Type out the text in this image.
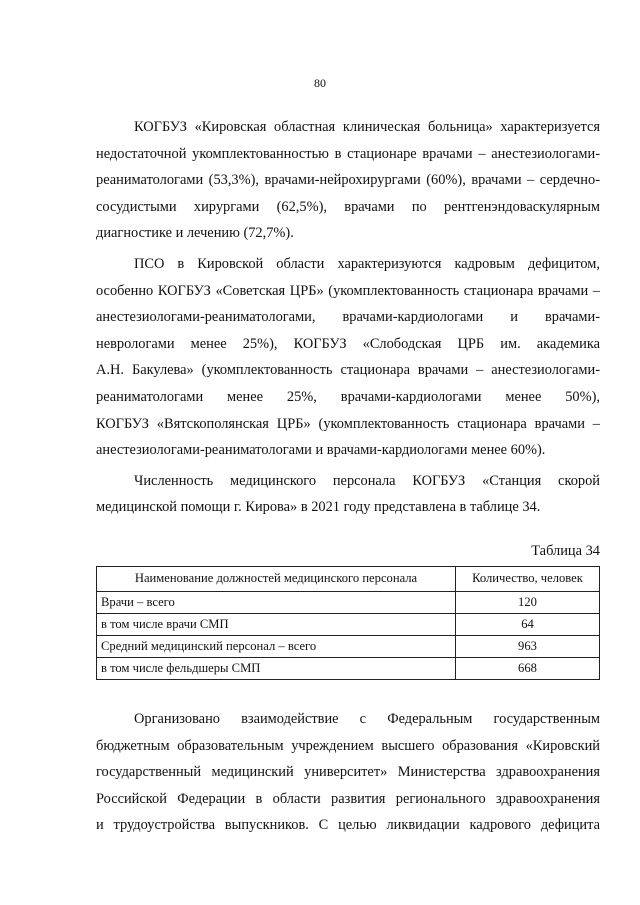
80
КОГБУЗ «Кировская областная клиническая больница» характеризуется
недостаточной укомплектованностью в стационаре врачами – анестезиологами-
реаниматологами (53,3%), врачами-нейрохирургами (60%), врачами – сердечно-
сосудистыми хирургами (62,5%), врачами по рентгенэндоваскулярным
диагностике и лечению (72,7%).
ПСО в Кировской области характеризуются кадровым дефицитом,
особенно КОГБУЗ «Советская ЦРБ» (укомплектованность стационара врачами –
анестезиологами-реаниматологами, врачами-кардиологами и врачами-
неврологами менее 25%), КОГБУЗ «Слободская ЦРБ им. академика
А.Н. Бакулева» (укомплектованность стационара врачами – анестезиологами-
реаниматологами менее 25%, врачами-кардиологами менее 50%),
КОГБУЗ «Вятскополянская ЦРБ» (укомплектованность стационара врачами –
анестезиологами-реаниматологами и врачами-кардиологами менее 60%).
Численность медицинского персонала КОГБУЗ «Станция скорой
медицинской помощи г. Кирова» в 2021 году представлена в таблице 34.
Таблица 34
Наименование должностей медицинского персонала	Количество, человек
Врачи – всего	120
в том числе врачи СМП	64
Средний медицинский персонал – всего	963
в том числе фельдшеры СМП	668
Организовано взаимодействие с Федеральным государственным
бюджетным образовательным учреждением высшего образования «Кировский
государственный медицинский университет» Министерства здравоохранения
Российской Федерации в области развития регионального здравоохранения
и трудоустройства выпускников. С целью ликвидации кадрового дефицита
